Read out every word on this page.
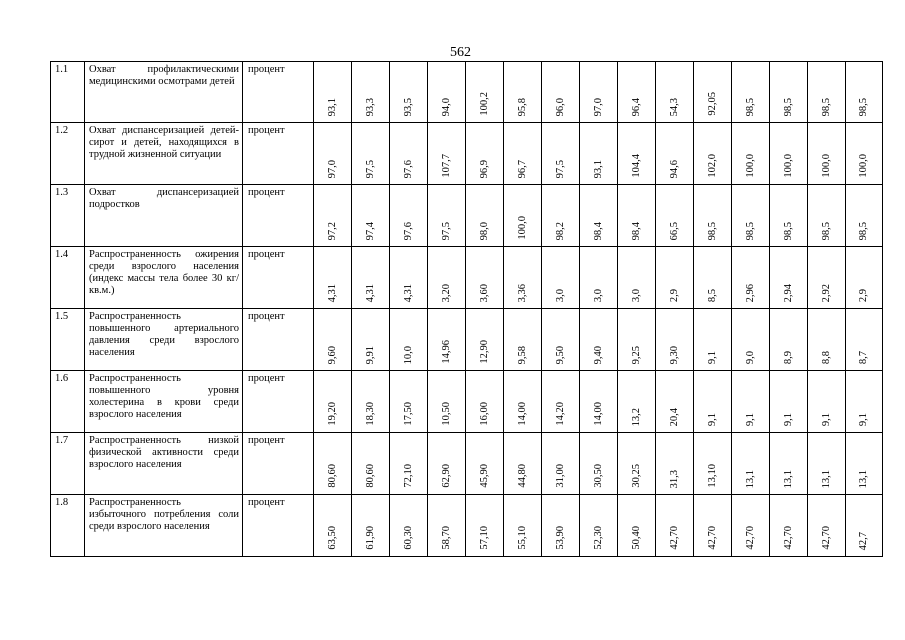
562
1.1	Охват профилактическими медицинскими осмотрами детей	процент	93,1	93,3	93,5	94,0	100,2	95,8	96,0	97,0	96,4	54,3	92,05	98,5	98,5	98,5	98,5

1.2	Охват диспансеризацией детей-сирот и детей, находящихся в трудной жизненной ситуации	процент	97,0	97,5	97,6	107,7	96,9	96,7	97,5	93,1	104,4	94,6	102,0	100,0	100,0	100,0	100,0

1.3	Охват диспансеризацией подростков	процент	97,2	97,4	97,6	97,5	98,0	100,0	98,2	98,4	98,4	66,5	98,5	98,5	98,5	98,5	98,5

1.4	Распространенность ожирения среди взрослого населения (индекс массы тела более 30 кг/кв.м.)	процент	4,31	4,31	4,31	3,20	3,60	3,36	3,0	3,0	3,0	2,9	8,5	2,96	2,94	2,92	2,9

1.5	Распространенность повышенного артериального давления среди взрослого населения	процент	9,60	9,91	10,0	14,96	12,90	9,58	9,50	9,40	9,25	9,30	9,1	9,0	8,9	8,8	8,7

1.6	Распространенность повышенного уровня холестерина в крови среди взрослого населения	процент	19,20	18,30	17,50	10,50	16,00	14,00	14,20	14,00	13,2	20,4	9,1	9,1	9,1	9,1	9,1

1.7	Распространенность низкой физической активности среди взрослого населения	процент	80,60	80,60	72,10	62,90	45,90	44,80	31,00	30,50	30,25	31,3	13,10	13,1	13,1	13,1	13,1

1.8	Распространенность избыточного потребления соли среди взрослого населения	процент	63,50	61,90	60,30	58,70	57,10	55,10	53,90	52,30	50,40	42,70	42,70	42,70	42,70	42,70	42,7
